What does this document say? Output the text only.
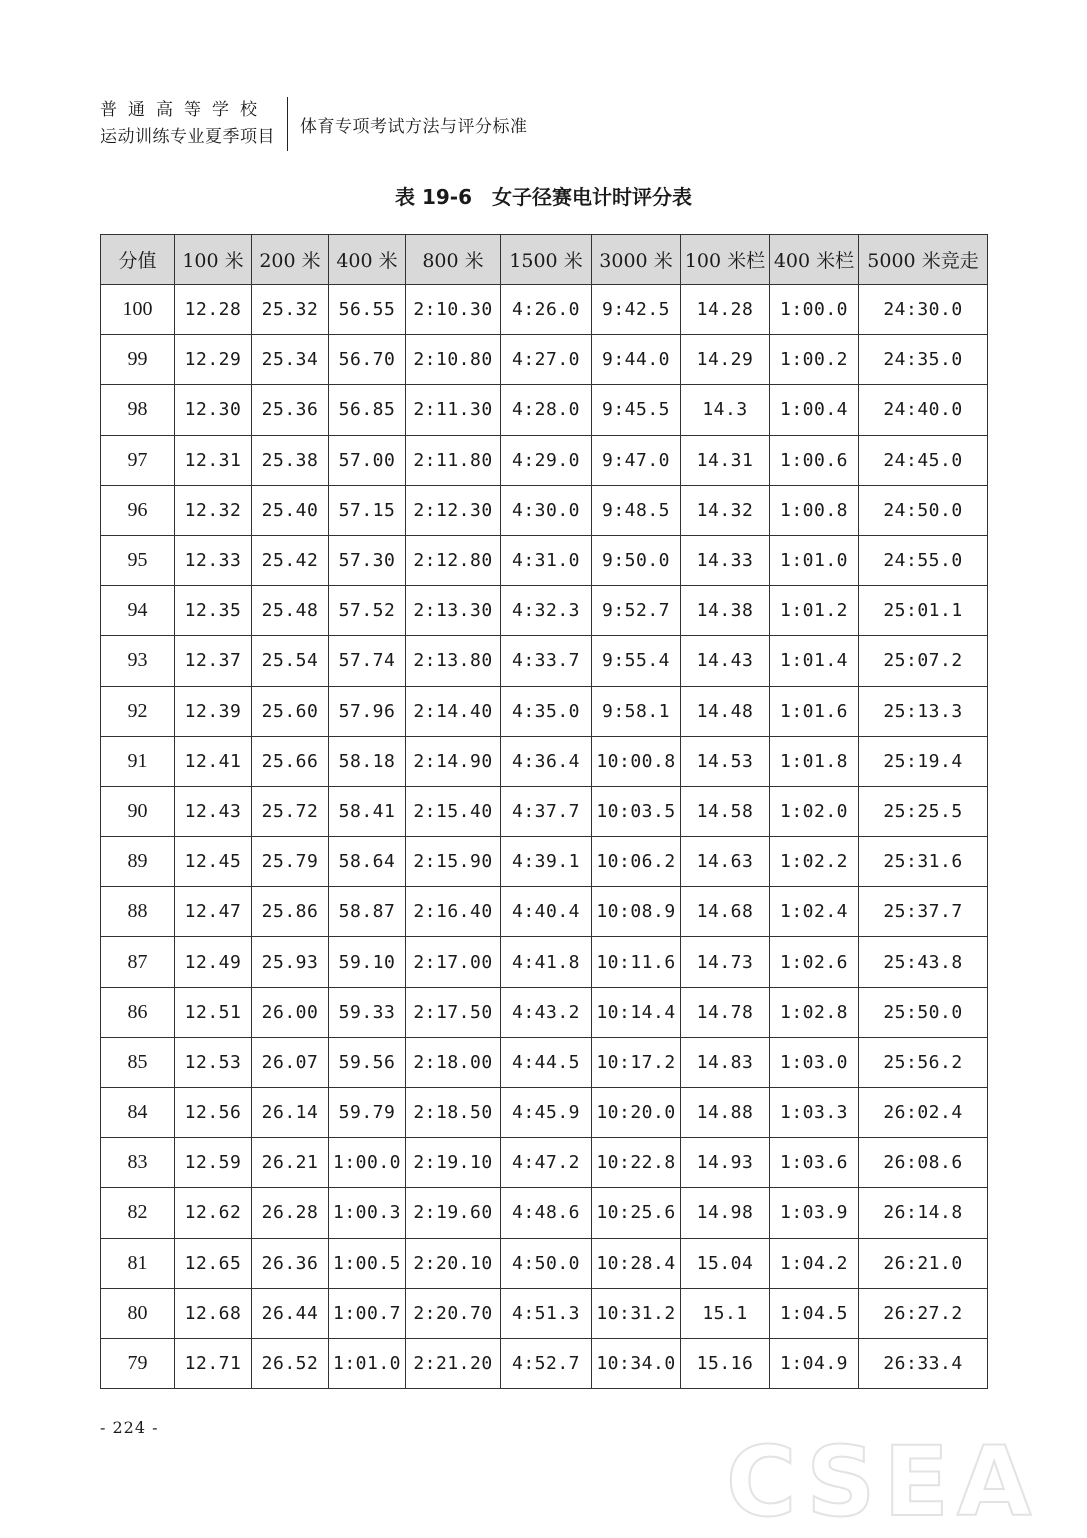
普通高等学校
运动训练专业夏季项目
体育专项考试方法与评分标准
表 19-6　女子径赛电计时评分表
分值	100 米	200 米	400 米	800 米	1500 米	3000 米	100 米栏	400 米栏	5000 米竞走
100	12.28	25.32	56.55	2:10.30	4:26.0	9:42.5	14.28	1:00.0	24:30.0
99	12.29	25.34	56.70	2:10.80	4:27.0	9:44.0	14.29	1:00.2	24:35.0
98	12.30	25.36	56.85	2:11.30	4:28.0	9:45.5	14.3	1:00.4	24:40.0
97	12.31	25.38	57.00	2:11.80	4:29.0	9:47.0	14.31	1:00.6	24:45.0
96	12.32	25.40	57.15	2:12.30	4:30.0	9:48.5	14.32	1:00.8	24:50.0
95	12.33	25.42	57.30	2:12.80	4:31.0	9:50.0	14.33	1:01.0	24:55.0
94	12.35	25.48	57.52	2:13.30	4:32.3	9:52.7	14.38	1:01.2	25:01.1
93	12.37	25.54	57.74	2:13.80	4:33.7	9:55.4	14.43	1:01.4	25:07.2
92	12.39	25.60	57.96	2:14.40	4:35.0	9:58.1	14.48	1:01.6	25:13.3
91	12.41	25.66	58.18	2:14.90	4:36.4	10:00.8	14.53	1:01.8	25:19.4
90	12.43	25.72	58.41	2:15.40	4:37.7	10:03.5	14.58	1:02.0	25:25.5
89	12.45	25.79	58.64	2:15.90	4:39.1	10:06.2	14.63	1:02.2	25:31.6
88	12.47	25.86	58.87	2:16.40	4:40.4	10:08.9	14.68	1:02.4	25:37.7
87	12.49	25.93	59.10	2:17.00	4:41.8	10:11.6	14.73	1:02.6	25:43.8
86	12.51	26.00	59.33	2:17.50	4:43.2	10:14.4	14.78	1:02.8	25:50.0
85	12.53	26.07	59.56	2:18.00	4:44.5	10:17.2	14.83	1:03.0	25:56.2
84	12.56	26.14	59.79	2:18.50	4:45.9	10:20.0	14.88	1:03.3	26:02.4
83	12.59	26.21	1:00.0	2:19.10	4:47.2	10:22.8	14.93	1:03.6	26:08.6
82	12.62	26.28	1:00.3	2:19.60	4:48.6	10:25.6	14.98	1:03.9	26:14.8
81	12.65	26.36	1:00.5	2:20.10	4:50.0	10:28.4	15.04	1:04.2	26:21.0
80	12.68	26.44	1:00.7	2:20.70	4:51.3	10:31.2	15.1	1:04.5	26:27.2
79	12.71	26.52	1:01.0	2:21.20	4:52.7	10:34.0	15.16	1:04.9	26:33.4
- 224 -	CSEA
